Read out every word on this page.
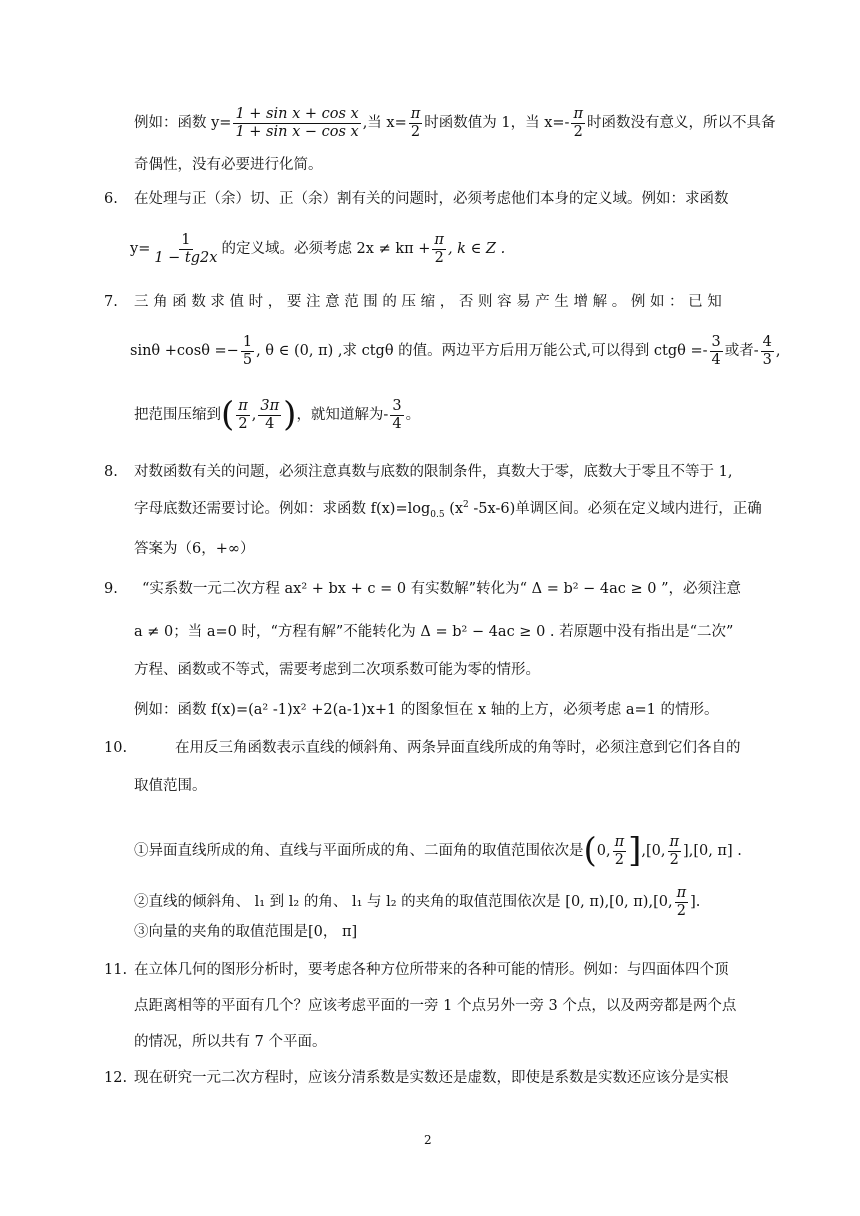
例如：函数 $y= \frac{\text{1 + sin x + cos x}}{\text{1 + sin x − cos x}}$ ,当 $x= \frac{\pi}{2}$ 时函数值为 1，当 $x=- \frac{\pi}{2}$ 时函数没有意义，所以不具备
奇偶性，没有必要进行化简。
6. 在处理与正（余）切、正（余）割有关的问题时，必须考虑他们本身的定义域。例如：求函数
$y= \frac{1}{1 - tg2x}$ 的定义域。必须考虑 $2x \ne k\pi + \frac{\pi}{2}$ , k ∈ Z .
7. 三 角 函 数 求 值 时 ， 要 注 意 范 围 的 压 缩 ， 否 则 容 易 产 生 增 解 。 例 如 ： 已 知
$\sin\theta +\cos\theta =- \frac{1}{5}$ , θ ∈ (0, π) ,求 ctgθ 的值。两边平方后用万能公式,可以得到 $ctg\theta =- \frac{3}{4}$ 或者- $\frac{4}{3}$ ,
把范围压缩到( $\frac{\pi}{2}$ , $\frac{3\pi}{4}$ )，就知道解为- $\frac{3}{4}$ 。
8. 对数函数有关的问题，必须注意真数与底数的限制条件，真数大于零，底数大于零且不等于 1,
字母底数还需要讨论。例如：求函数 $f(x)=\log_{0.5}$ ($x^2$ -5x-6)单调区间。必须在定义域内进行，正确
答案为（6，+∞）
9. “实系数一元二次方程 ax² + bx + c = 0 有实数解”转化为“ Δ = b² − 4ac ≥ 0 ”，必须注意
a ≠ 0；当 a=0 时，“方程有解”不能转化为 Δ = b² − 4ac ≥ 0 . 若原题中没有指出是“二次”
方程、函数或不等式，需要考虑到二次项系数可能为零的情形。
例如：函数 f(x)=(a² -1)x² +2(a-1)x+1 的图象恒在 x 轴的上方，必须考虑 a=1 的情形。
10.	在用反三角函数表示直线的倾斜角、两条异面直线所成的角等时，必须注意到它们各自的
取值范围。
①异面直线所成的角、直线与平面所成的角、二面角的取值范围依次是(0, $\frac{\pi}{2} ],[0$, $\frac{\pi}{2} ],[0$, π] .
②直线的倾斜角、 l₁ 到 l₂ 的角、 l₁ 与 l₂ 的夹角的取值范围依次是 [0, π),[0, π),[0, $\frac{\pi}{2}$ ].
③向量的夹角的取值范围是[0， π]
11. 在立体几何的图形分析时，要考虑各种方位所带来的各种可能的情形。例如：与四面体四个顶
点距离相等的平面有几个？应该考虑平面的一旁 1 个点另外一旁 3 个点，以及两旁都是两个点
的情况，所以共有 7 个平面。
12. 现在研究一元二次方程时，应该分清系数是实数还是虚数，即使是系数是实数还应该分是实根
2
